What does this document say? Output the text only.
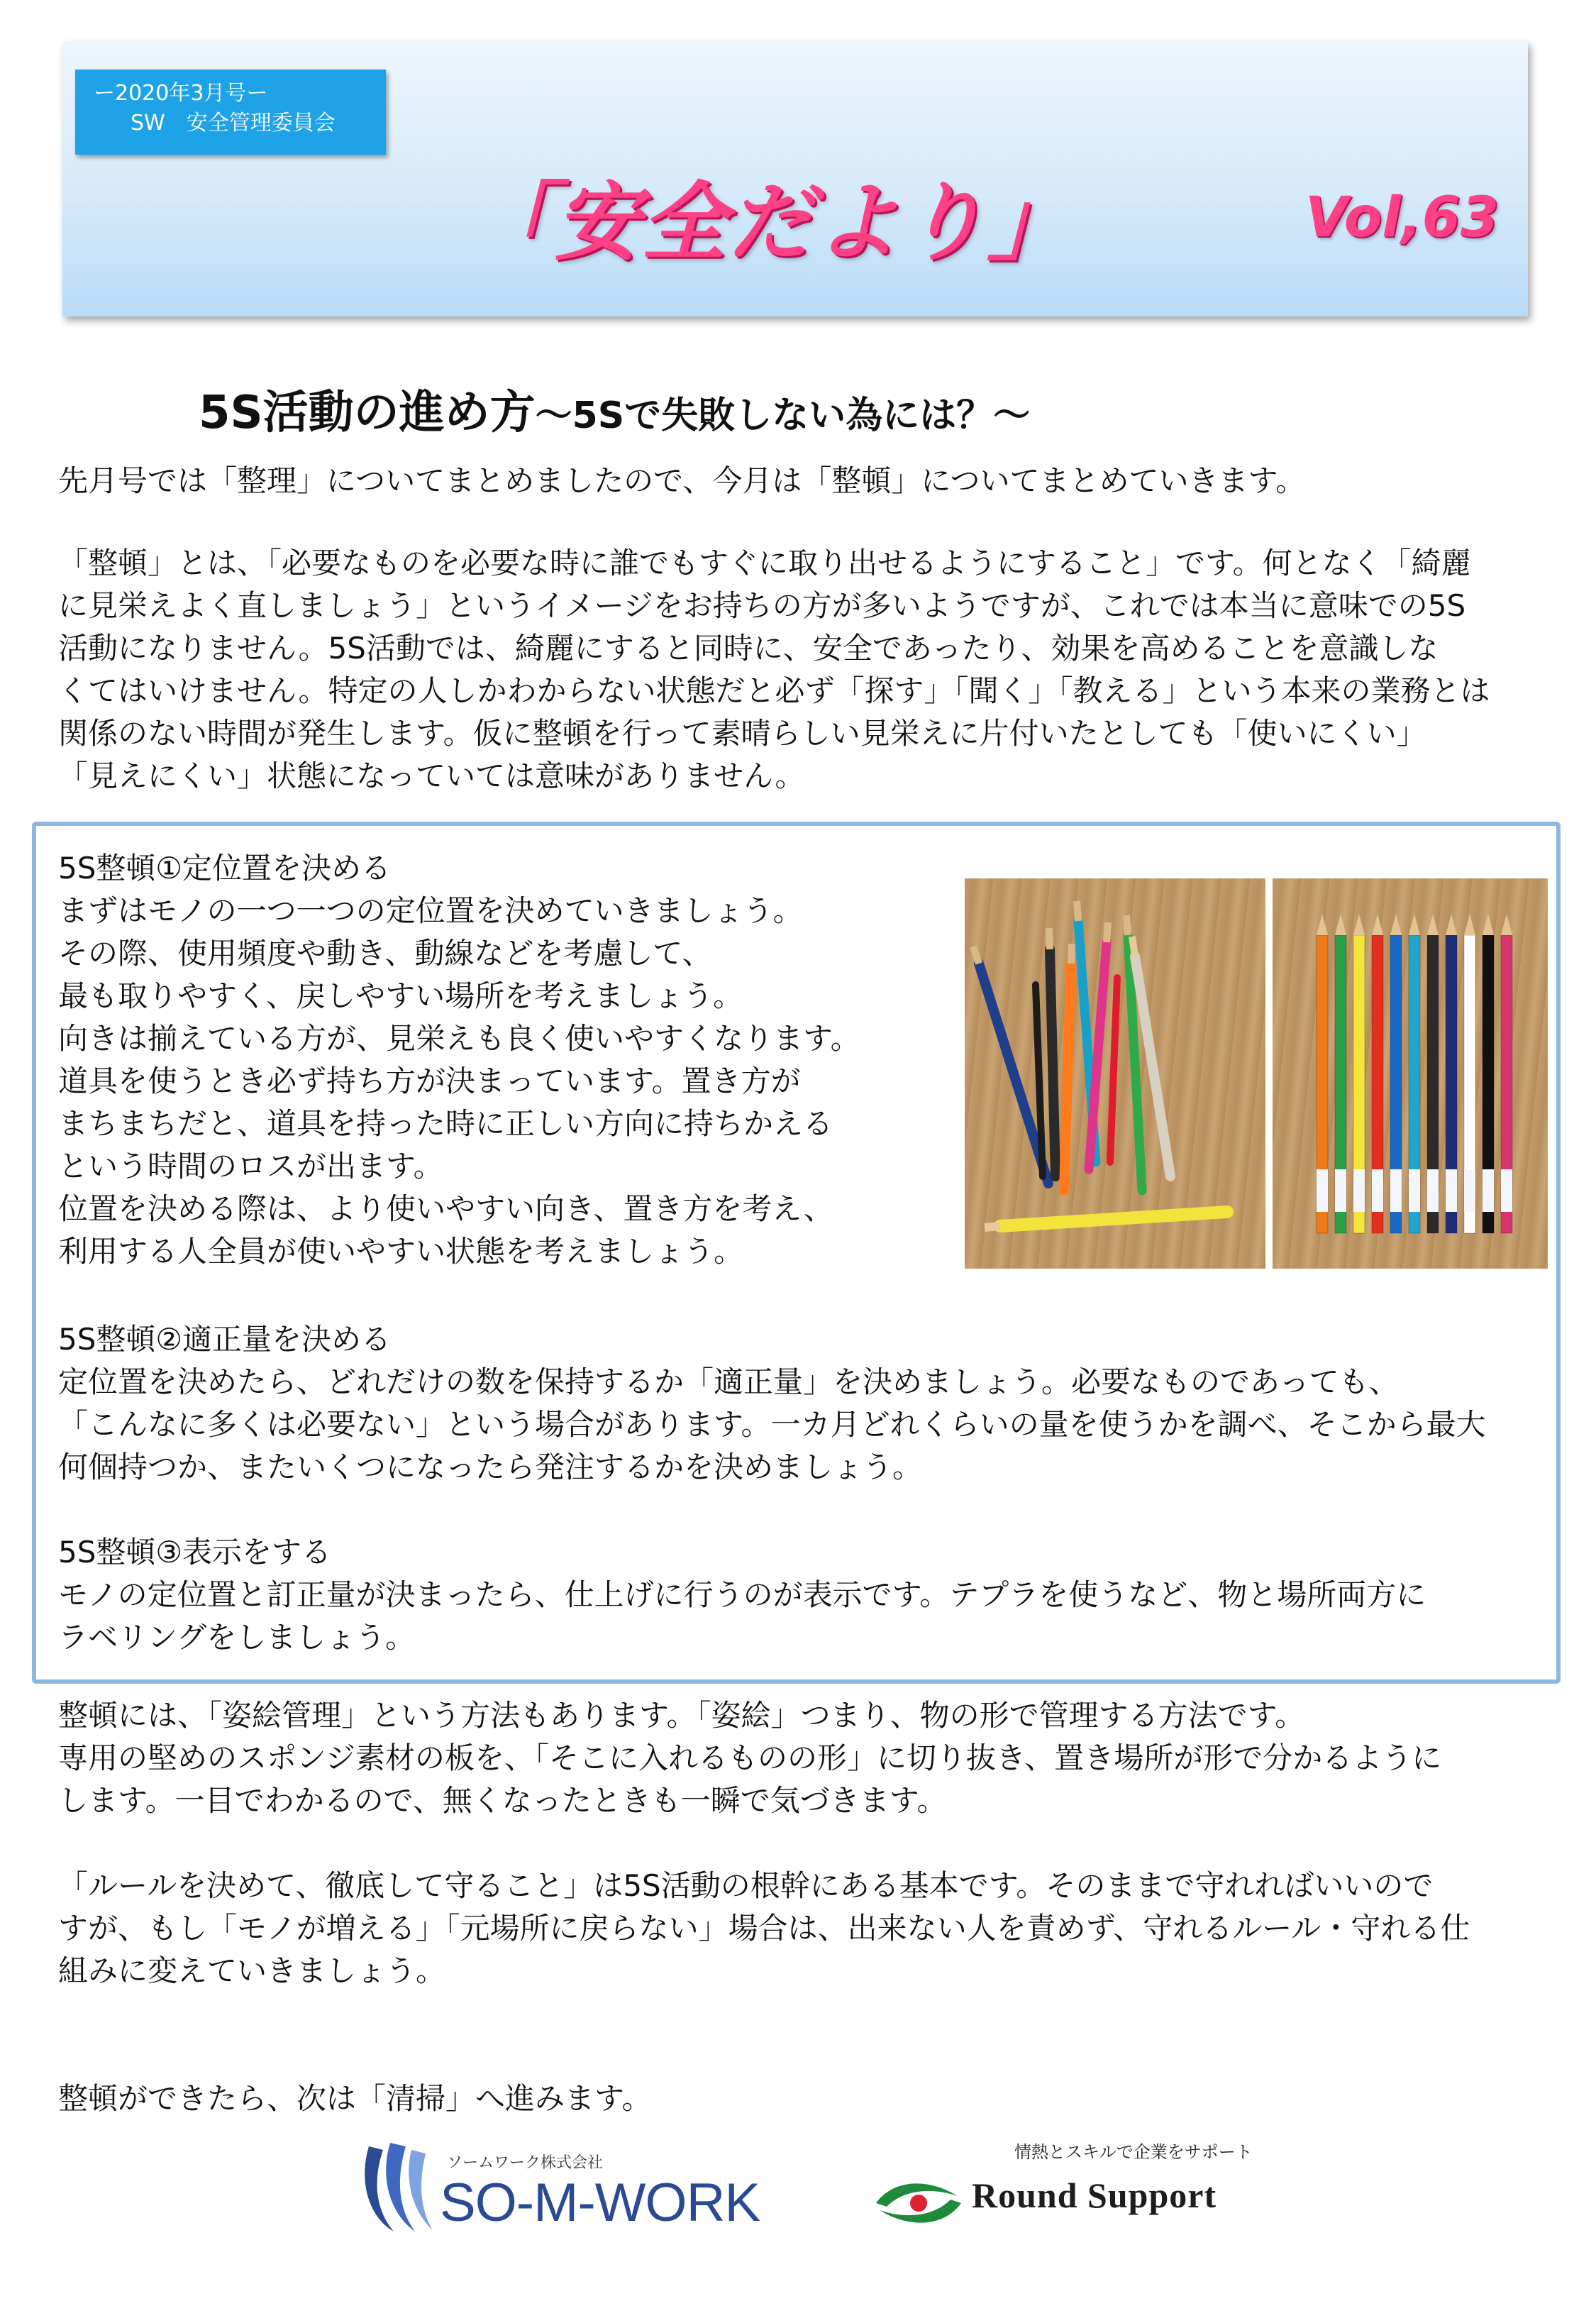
ー2020年3月号ー
SW　安全管理委員会
「安全だより」	Vol,63
5S活動の進め方～5Sで失敗しない為には？～
先月号では「整理」についてまとめましたので、今月は「整頓」についてまとめていきます。
「整頓」とは、「必要なものを必要な時に誰でもすぐに取り出せるようにすること」です。何となく「綺麗
に見栄えよく直しましょう」というイメージをお持ちの方が多いようですが、これでは本当に意味での5S
活動になりません。5S活動では、綺麗にすると同時に、安全であったり、効果を高めることを意識しな
くてはいけません。特定の人しかわからない状態だと必ず「探す」「聞く」「教える」という本来の業務とは
関係のない時間が発生します。仮に整頓を行って素晴らしい見栄えに片付いたとしても「使いにくい」
「見えにくい」状態になっていては意味がありません。
5S整頓①定位置を決める
まずはモノの一つ一つの定位置を決めていきましょう。
その際、使用頻度や動き、動線などを考慮して、
最も取りやすく、戻しやすい場所を考えましょう。
向きは揃えている方が、見栄えも良く使いやすくなります。
道具を使うとき必ず持ち方が決まっています。置き方が
まちまちだと、道具を持った時に正しい方向に持ちかえる
という時間のロスが出ます。
位置を決める際は、より使いやすい向き、置き方を考え、
利用する人全員が使いやすい状態を考えましょう。
5S整頓②適正量を決める
定位置を決めたら、どれだけの数を保持するか「適正量」を決めましょう。必要なものであっても、
「こんなに多くは必要ない」という場合があります。一カ月どれくらいの量を使うかを調べ、そこから最大
何個持つか、またいくつになったら発注するかを決めましょう。
5S整頓③表示をする
モノの定位置と訂正量が決まったら、仕上げに行うのが表示です。テプラを使うなど、物と場所両方に
ラベリングをしましょう。
整頓には、「姿絵管理」という方法もあります。「姿絵」つまり、物の形で管理する方法です。
専用の堅めのスポンジ素材の板を、「そこに入れるものの形」に切り抜き、置き場所が形で分かるように
します。一目でわかるので、無くなったときも一瞬で気づきます。
「ルールを決めて、徹底して守ること」は5S活動の根幹にある基本です。そのままで守れればいいので
すが、もし「モノが増える」「元場所に戻らない」場合は、出来ない人を責めず、守れるルール・守れる仕
組みに変えていきましょう。
整頓ができたら、次は「清掃」へ進みます。
ソームワーク株式会社
SO-M-WORK
情熱とスキルで企業をサポート
Round Support
